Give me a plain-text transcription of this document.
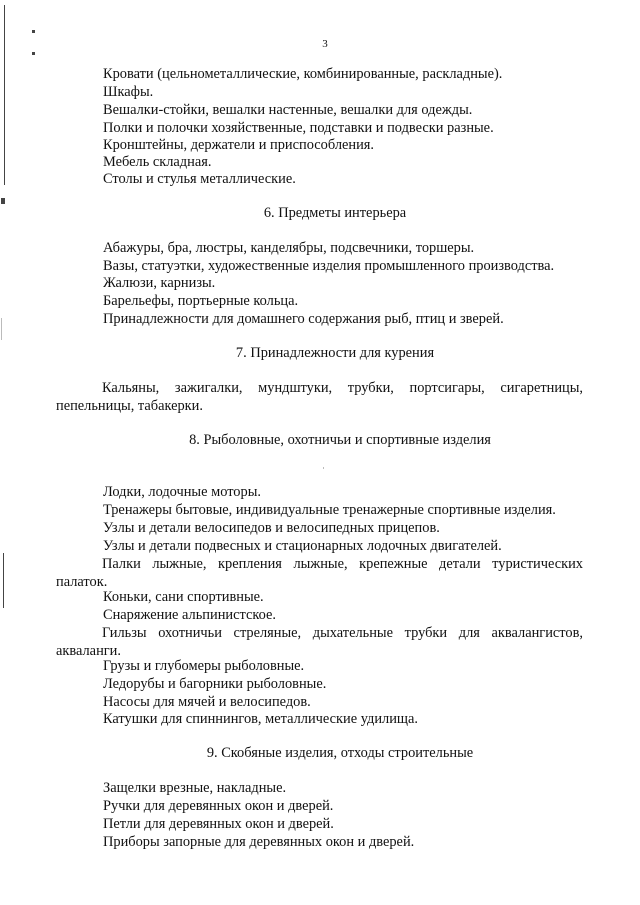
3
Кровати (цельнометаллические, комбинированные, раскладные).
Шкафы.
Вешалки-стойки, вешалки настенные, вешалки для одежды.
Полки и полочки хозяйственные, подставки и подвески разные.
Кронштейны, держатели и приспособления.
Мебель складная.
Столы и стулья металлические.
6. Предметы интерьера
Абажуры, бра, люстры, канделябры, подсвечники, торшеры.
Вазы, статуэтки, художественные изделия промышленного производства.
Жалюзи, карнизы.
Барельефы, портьерные кольца.
Принадлежности для домашнего содержания рыб, птиц и зверей.
7. Принадлежности для курения
Кальяны, зажигалки, мундштуки, трубки, портсигары, сигаретницы,
пепельницы, табакерки.
8. Рыболовные, охотничьи и спортивные изделия
Лодки, лодочные моторы.
Тренажеры бытовые, индивидуальные тренажерные спортивные изделия.
Узлы и детали велосипедов и велосипедных прицепов.
Узлы и детали подвесных и стационарных лодочных двигателей.
Палки лыжные, крепления лыжные, крепежные детали туристических
палаток.
Коньки, сани спортивные.
Снаряжение альпинистское.
Гильзы охотничьи стреляные, дыхательные трубки для аквалангистов,
акваланги.
Грузы и глубомеры рыболовные.
Ледорубы и багорники рыболовные.
Насосы для мячей и велосипедов.
Катушки для спиннингов, металлические удилища.
9. Скобяные изделия, отходы строительные
Защелки врезные, накладные.
Ручки для деревянных окон и дверей.
Петли для деревянных окон и дверей.
Приборы запорные для деревянных окон и дверей.
